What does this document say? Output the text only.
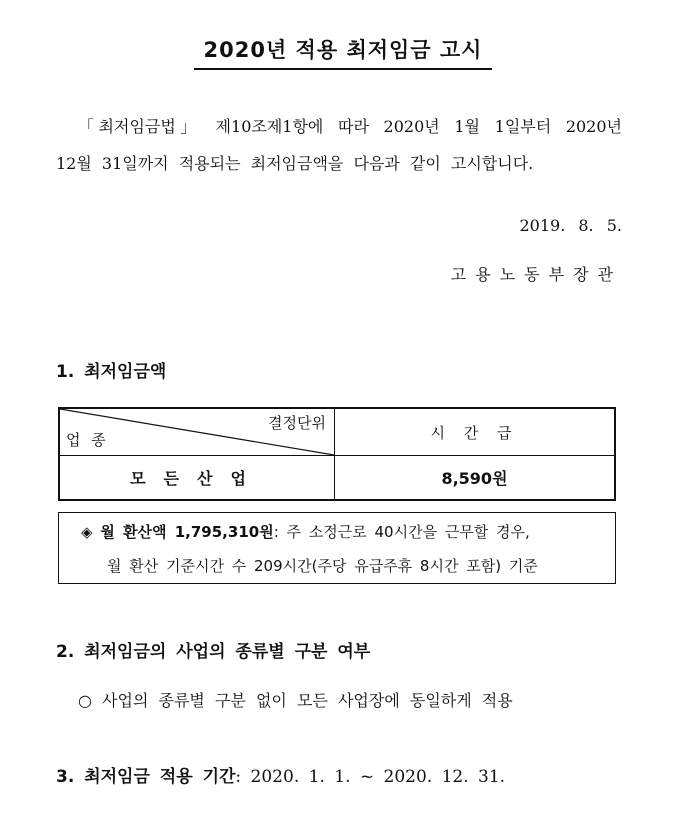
2020년 적용 최저임금 고시
「최저임금법」 제10조제1항에 따라 2020년 1월 1일부터 2020년
12월 31일까지 적용되는 최저임금액을 다음과 같이 고시합니다.
2019. 8. 5.
고용노동부장관
1. 최저임금액
결정단위
업 종	시 간 급
모든산업	8,590원
◈ 월 환산액 1,795,310원: 주 소정근로 40시간을 근무할 경우,
월 환산 기준시간 수 209시간(주당 유급주휴 8시간 포함) 기준
2. 최저임금의 사업의 종류별 구분 여부
○ 사업의 종류별 구분 없이 모든 사업장에 동일하게 적용
3. 최저임금 적용 기간: 2020. 1. 1. ~ 2020. 12. 31.
